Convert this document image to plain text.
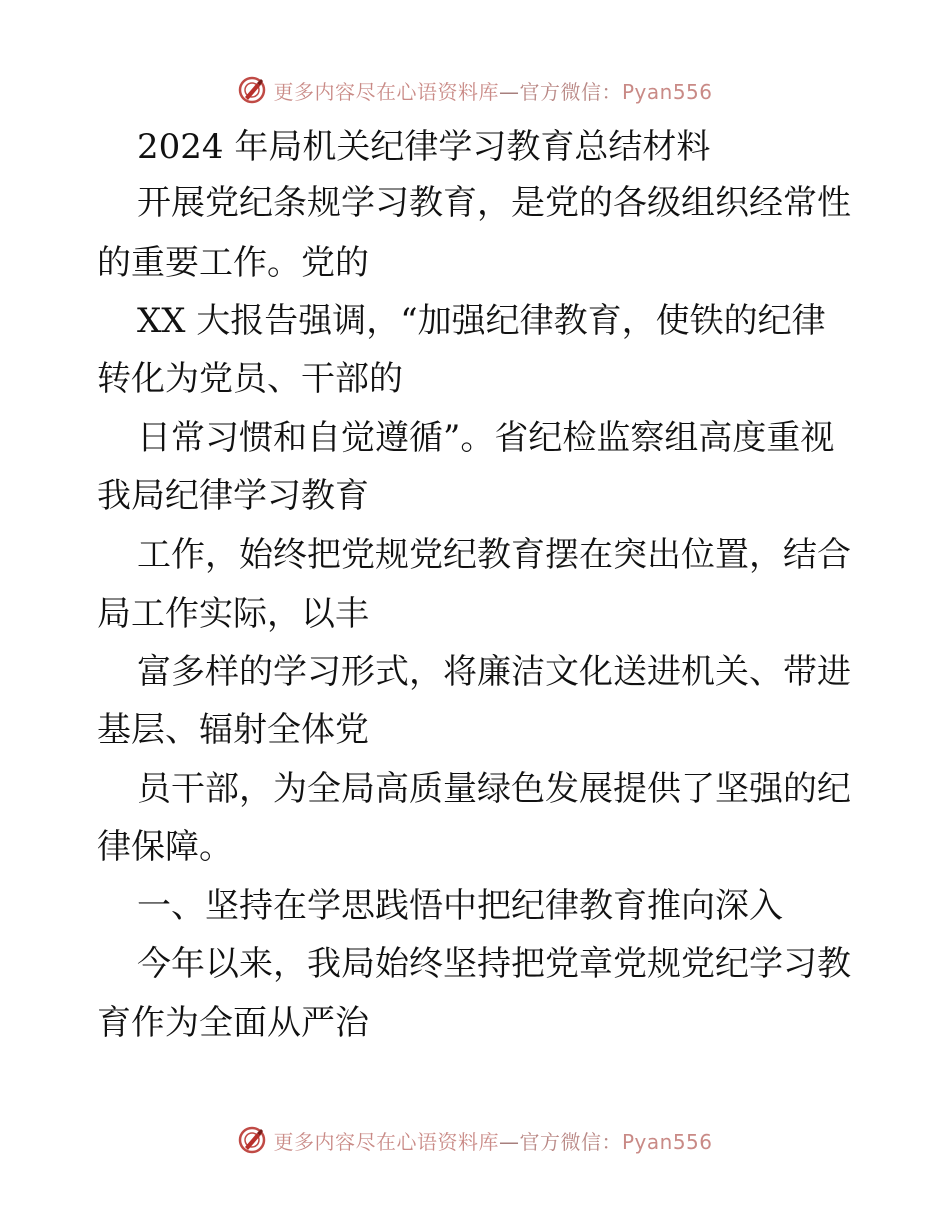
更多内容尽在心语资料库—官方微信：Pyan556
2024 年局机关纪律学习教育总结材料
开展党纪条规学习教育，是党的各级组织经常性
的重要工作。党的
XX 大报告强调，“加强纪律教育，使铁的纪律
转化为党员、干部的
日常习惯和自觉遵循”。省纪检监察组高度重视
我局纪律学习教育
工作，始终把党规党纪教育摆在突出位置，结合
局工作实际，以丰
富多样的学习形式，将廉洁文化送进机关、带进
基层、辐射全体党
员干部，为全局高质量绿色发展提供了坚强的纪
律保障。
一、坚持在学思践悟中把纪律教育推向深入
今年以来，我局始终坚持把党章党规党纪学习教
育作为全面从严治
更多内容尽在心语资料库—官方微信：Pyan556
